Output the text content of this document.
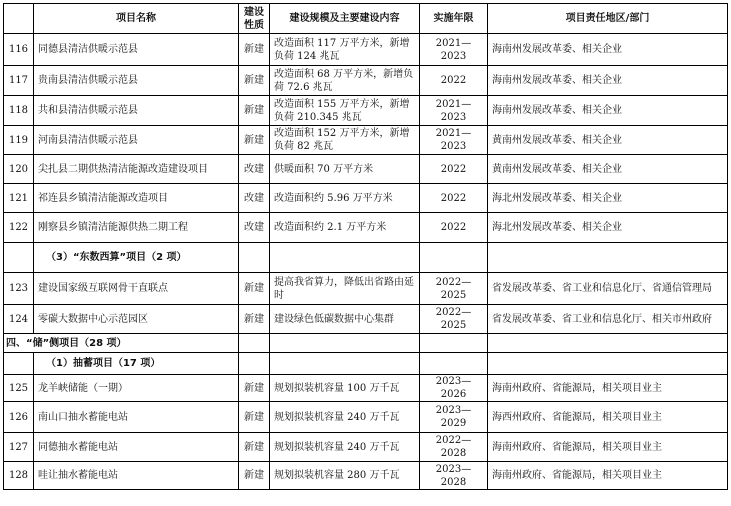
	项目名称	建设性质	建设规模及主要建设内容	实施年限	项目责任地区/部门
116	同德县清洁供暖示范县	新建	改造面积 117 万平方米，新增负荷 124 兆瓦	2021—2023	海南州发展改革委、相关企业
117	贵南县清洁供暖示范县	新建	改造面积 68 万平方米，新增负荷 72.6 兆瓦	2022	海南州发展改革委、相关企业
118	共和县清洁供暖示范县	新建	改造面积 155 万平方米，新增负荷 210.345 兆瓦	2021—2023	海南州发展改革委、相关企业
119	河南县清洁供暖示范县	新建	改造面积 152 万平方米，新增负荷 82 兆瓦	2021—2023	黄南州发展改革委、相关企业
120	尖扎县二期供热清洁能源改造建设项目	改建	供暖面积 70 万平方米	2022	黄南州发展改革委、相关企业
121	祁连县乡镇清洁能源改造项目	改建	改造面积约 5.96 万平方米	2022	海北州发展改革委、相关企业
122	刚察县乡镇清洁能源供热二期工程	改建	改造面积约 2.1 万平方米	2022	海北州发展改革委、相关企业
	（3）“东数西算”项目（2 项）				
123	建设国家级互联网骨干直联点	新建	提高我省算力，降低出省路由延时	2022—2025	省发展改革委、省工业和信息化厅、省通信管理局
124	零碳大数据中心示范园区	新建	建设绿色低碳数据中心集群	2022—2025	省发展改革委、省工业和信息化厅、相关市州政府
四、“储”侧项目（28 项）					
	（1）抽蓄项目（17 项）				
125	龙羊峡储能（一期）	新建	规划拟装机容量 100 万千瓦	2023—2026	海南州政府、省能源局，相关项目业主
126	南山口抽水蓄能电站	新建	规划拟装机容量 240 万千瓦	2023—2029	海西州政府、省能源局，相关项目业主
127	同德抽水蓄能电站	新建	规划拟装机容量 240 万千瓦	2022—2028	海南州政府、省能源局，相关项目业主
128	哇让抽水蓄能电站	新建	规划拟装机容量 280 万千瓦	2023—2028	海南州政府、省能源局，相关项目业主
